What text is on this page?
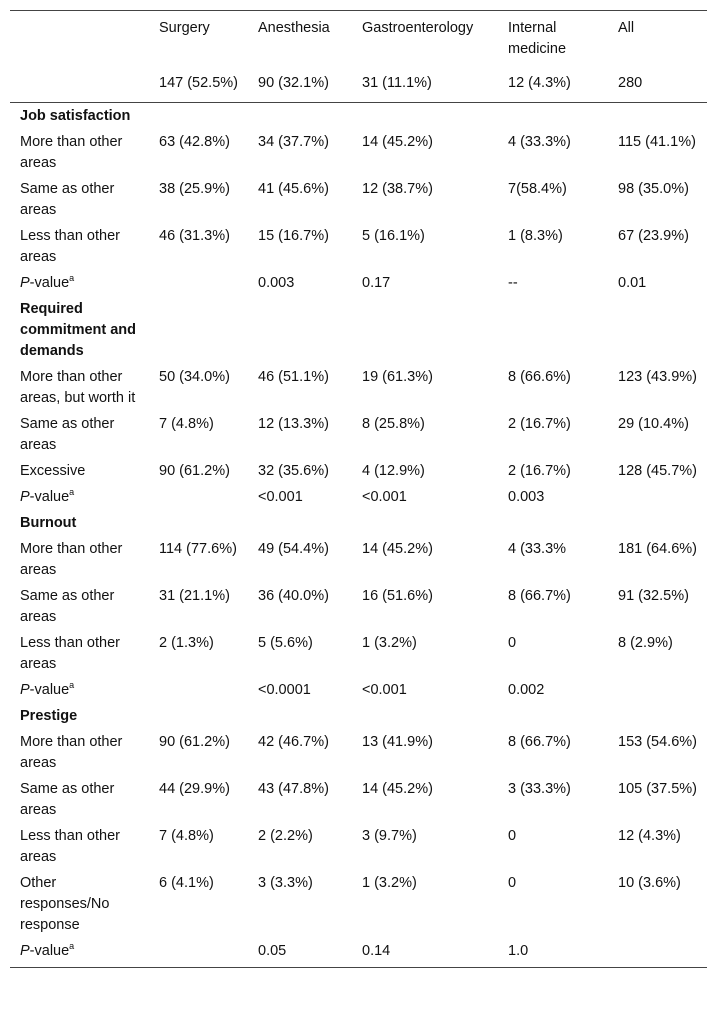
	Surgery	Anesthesia	Gastroenterology	Internal medicine	All
	147 (52.5%)	90 (32.1%)	31 (11.1%)	12 (4.3%)	280
Job satisfaction					
More than other areas	63 (42.8%)	34 (37.7%)	14 (45.2%)	4 (33.3%)	115 (41.1%)
Same as other areas	38 (25.9%)	41 (45.6%)	12 (38.7%)	7(58.4%)	98 (35.0%)
Less than other areas	46 (31.3%)	15 (16.7%)	5 (16.1%)	1 (8.3%)	67 (23.9%)
P-value$^a$		0.003	0.17	--	0.01
Required commitment and demands					
More than other areas, but worth it	50 (34.0%)	46 (51.1%)	19 (61.3%)	8 (66.6%)	123 (43.9%)
Same as other areas	7 (4.8%)	12 (13.3%)	8 (25.8%)	2 (16.7%)	29 (10.4%)
Excessive	90 (61.2%)	32 (35.6%)	4 (12.9%)	2 (16.7%)	128 (45.7%)
P-value$^a$		<0.001	<0.001	0.003	
Burnout					
More than other areas	114 (77.6%)	49 (54.4%)	14 (45.2%)	4 (33.3%	181 (64.6%)
Same as other areas	31 (21.1%)	36 (40.0%)	16 (51.6%)	8 (66.7%)	91 (32.5%)
Less than other areas	2 (1.3%)	5 (5.6%)	1 (3.2%)	0	8 (2.9%)
P-value$^a$		<0.0001	<0.001	0.002	
Prestige					
More than other areas	90 (61.2%)	42 (46.7%)	13 (41.9%)	8 (66.7%)	153 (54.6%)
Same as other areas	44 (29.9%)	43 (47.8%)	14 (45.2%)	3 (33.3%)	105 (37.5%)
Less than other areas	7 (4.8%)	2 (2.2%)	3 (9.7%)	0	12 (4.3%)
Other responses/No response	6 (4.1%)	3 (3.3%)	1 (3.2%)	0	10 (3.6%)
P-value$^a$		0.05	0.14	1.0	
